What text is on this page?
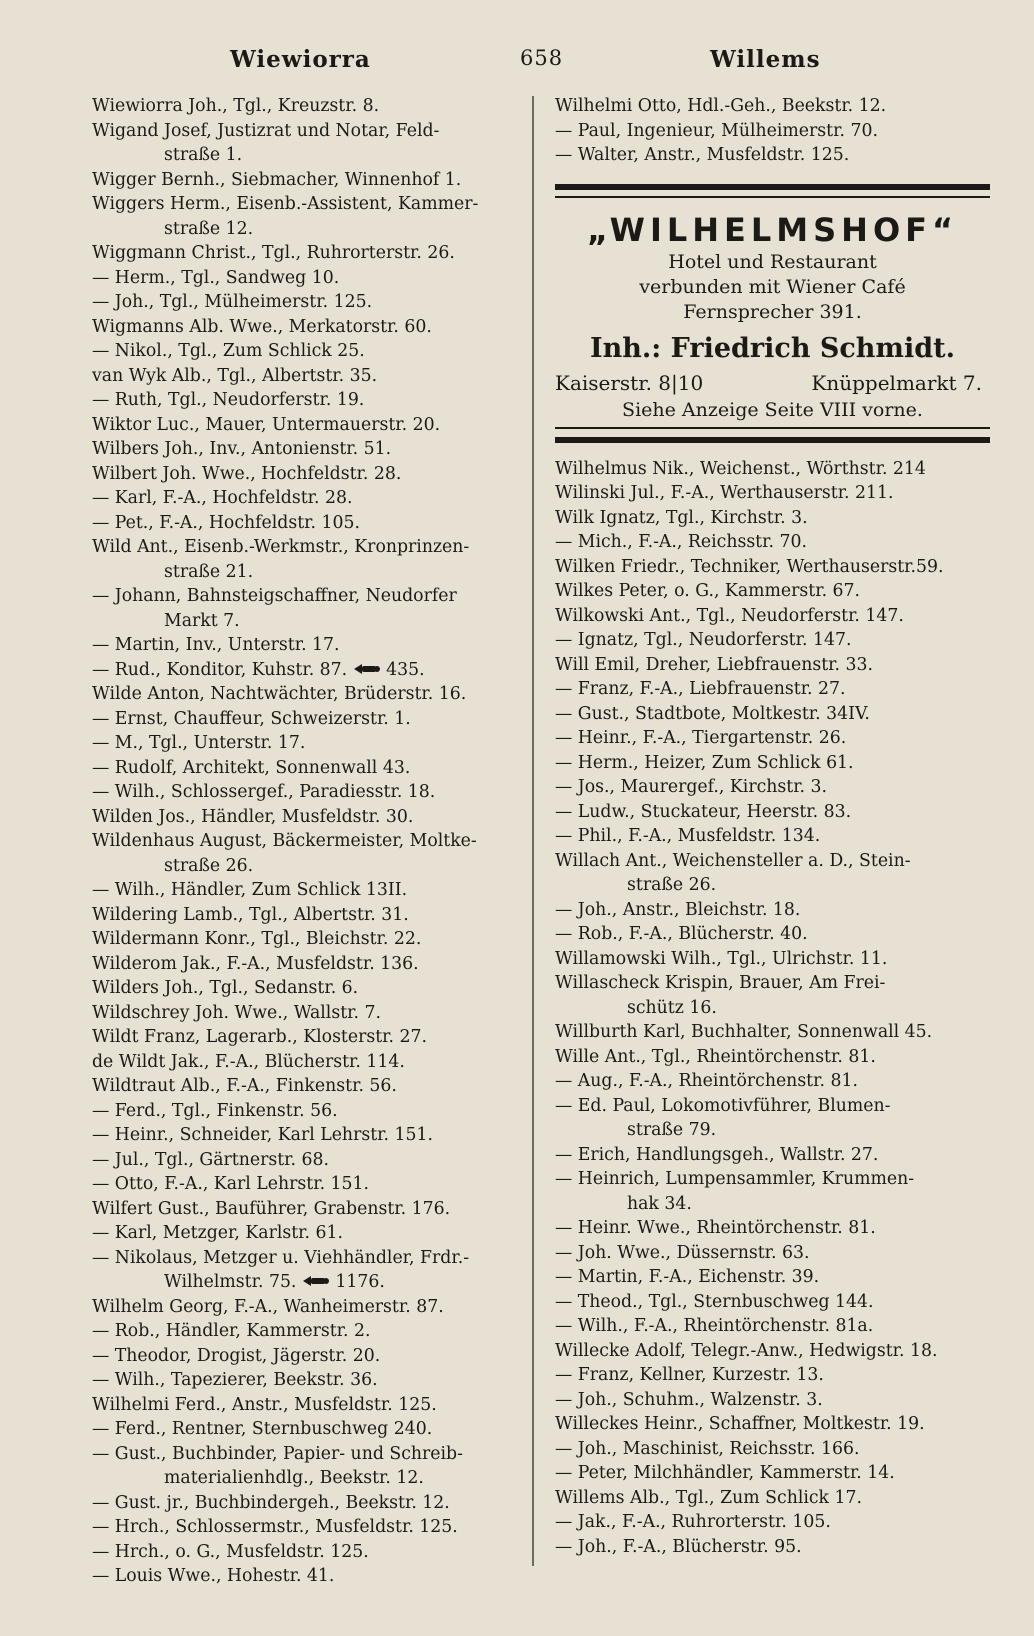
Wiewiorra	658	Willems
Wiewiorra Joh., Tgl., Kreuzstr. 8.
Wigand Josef, Justizrat und Notar, Feld-
straße 1.
Wigger Bernh., Siebmacher, Winnenhof 1.
Wiggers Herm., Eisenb.-Assistent, Kammer-
straße 12.
Wiggmann Christ., Tgl., Ruhrorterstr. 26.
— Herm., Tgl., Sandweg 10.
— Joh., Tgl., Mülheimerstr. 125.
Wigmanns Alb. Wwe., Merkatorstr. 60.
— Nikol., Tgl., Zum Schlick 25.
van Wyk Alb., Tgl., Albertstr. 35.
— Ruth, Tgl., Neudorferstr. 19.
Wiktor Luc., Mauer, Untermauerstr. 20.
Wilbers Joh., Inv., Antonienstr. 51.
Wilbert Joh. Wwe., Hochfeldstr. 28.
— Karl, F.-A., Hochfeldstr. 28.
— Pet., F.-A., Hochfeldstr. 105.
Wild Ant., Eisenb.-Werkmstr., Kronprinzen-
straße 21.
— Johann, Bahnsteigschaffner, Neudorfer
Markt 7.
— Martin, Inv., Unterstr. 17.
— Rud., Konditor, Kuhstr. 87. 435.
Wilde Anton, Nachtwächter, Brüderstr. 16.
— Ernst, Chauffeur, Schweizerstr. 1.
— M., Tgl., Unterstr. 17.
— Rudolf, Architekt, Sonnenwall 43.
— Wilh., Schlossergef., Paradiesstr. 18.
Wilden Jos., Händler, Musfeldstr. 30.
Wildenhaus August, Bäckermeister, Moltke-
straße 26.
— Wilh., Händler, Zum Schlick 13II.
Wildering Lamb., Tgl., Albertstr. 31.
Wildermann Konr., Tgl., Bleichstr. 22.
Wilderom Jak., F.-A., Musfeldstr. 136.
Wilders Joh., Tgl., Sedanstr. 6.
Wildschrey Joh. Wwe., Wallstr. 7.
Wildt Franz, Lagerarb., Klosterstr. 27.
de Wildt Jak., F.-A., Blücherstr. 114.
Wildtraut Alb., F.-A., Finkenstr. 56.
— Ferd., Tgl., Finkenstr. 56.
— Heinr., Schneider, Karl Lehrstr. 151.
— Jul., Tgl., Gärtnerstr. 68.
— Otto, F.-A., Karl Lehrstr. 151.
Wilfert Gust., Bauführer, Grabenstr. 176.
— Karl, Metzger, Karlstr. 61.
— Nikolaus, Metzger u. Viehhändler, Frdr.-
Wilhelmstr. 75. 1176.
Wilhelm Georg, F.-A., Wanheimerstr. 87.
— Rob., Händler, Kammerstr. 2.
— Theodor, Drogist, Jägerstr. 20.
— Wilh., Tapezierer, Beekstr. 36.
Wilhelmi Ferd., Anstr., Musfeldstr. 125.
— Ferd., Rentner, Sternbuschweg 240.
— Gust., Buchbinder, Papier- und Schreib-
materialienhdlg., Beekstr. 12.
— Gust. jr., Buchbindergeh., Beekstr. 12.
— Hrch., Schlossermstr., Musfeldstr. 125.
— Hrch., o. G., Musfeldstr. 125.
— Louis Wwe., Hohestr. 41.
Wilhelmi Otto, Hdl.-Geh., Beekstr. 12.
— Paul, Ingenieur, Mülheimerstr. 70.
— Walter, Anstr., Musfeldstr. 125.
„WILHELMSHOF“
Hotel und Restaurant
verbunden mit Wiener Café
Fernsprecher 391.
Inh.: Friedrich Schmidt.
Kaiserstr. 8|10	Knüppelmarkt 7.
Siehe Anzeige Seite VIII vorne.
Wilhelmus Nik., Weichenst., Wörthstr. 214
Wilinski Jul., F.-A., Werthauserstr. 211.
Wilk Ignatz, Tgl., Kirchstr. 3.
— Mich., F.-A., Reichsstr. 70.
Wilken Friedr., Techniker, Werthauserstr.59.
Wilkes Peter, o. G., Kammerstr. 67.
Wilkowski Ant., Tgl., Neudorferstr. 147.
— Ignatz, Tgl., Neudorferstr. 147.
Will Emil, Dreher, Liebfrauenstr. 33.
— Franz, F.-A., Liebfrauenstr. 27.
— Gust., Stadtbote, Moltkestr. 34IV.
— Heinr., F.-A., Tiergartenstr. 26.
— Herm., Heizer, Zum Schlick 61.
— Jos., Maurergef., Kirchstr. 3.
— Ludw., Stuckateur, Heerstr. 83.
— Phil., F.-A., Musfeldstr. 134.
Willach Ant., Weichensteller a. D., Stein-
straße 26.
— Joh., Anstr., Bleichstr. 18.
— Rob., F.-A., Blücherstr. 40.
Willamowski Wilh., Tgl., Ulrichstr. 11.
Willascheck Krispin, Brauer, Am Frei-
schütz 16.
Willburth Karl, Buchhalter, Sonnenwall 45.
Wille Ant., Tgl., Rheintörchenstr. 81.
— Aug., F.-A., Rheintörchenstr. 81.
— Ed. Paul, Lokomotivführer, Blumen-
straße 79.
— Erich, Handlungsgeh., Wallstr. 27.
— Heinrich, Lumpensammler, Krummen-
hak 34.
— Heinr. Wwe., Rheintörchenstr. 81.
— Joh. Wwe., Düssernstr. 63.
— Martin, F.-A., Eichenstr. 39.
— Theod., Tgl., Sternbuschweg 144.
— Wilh., F.-A., Rheintörchenstr. 81a.
Willecke Adolf, Telegr.-Anw., Hedwigstr. 18.
— Franz, Kellner, Kurzestr. 13.
— Joh., Schuhm., Walzenstr. 3.
Willeckes Heinr., Schaffner, Moltkestr. 19.
— Joh., Maschinist, Reichsstr. 166.
— Peter, Milchhändler, Kammerstr. 14.
Willems Alb., Tgl., Zum Schlick 17.
— Jak., F.-A., Ruhrorterstr. 105.
— Joh., F.-A., Blücherstr. 95.
